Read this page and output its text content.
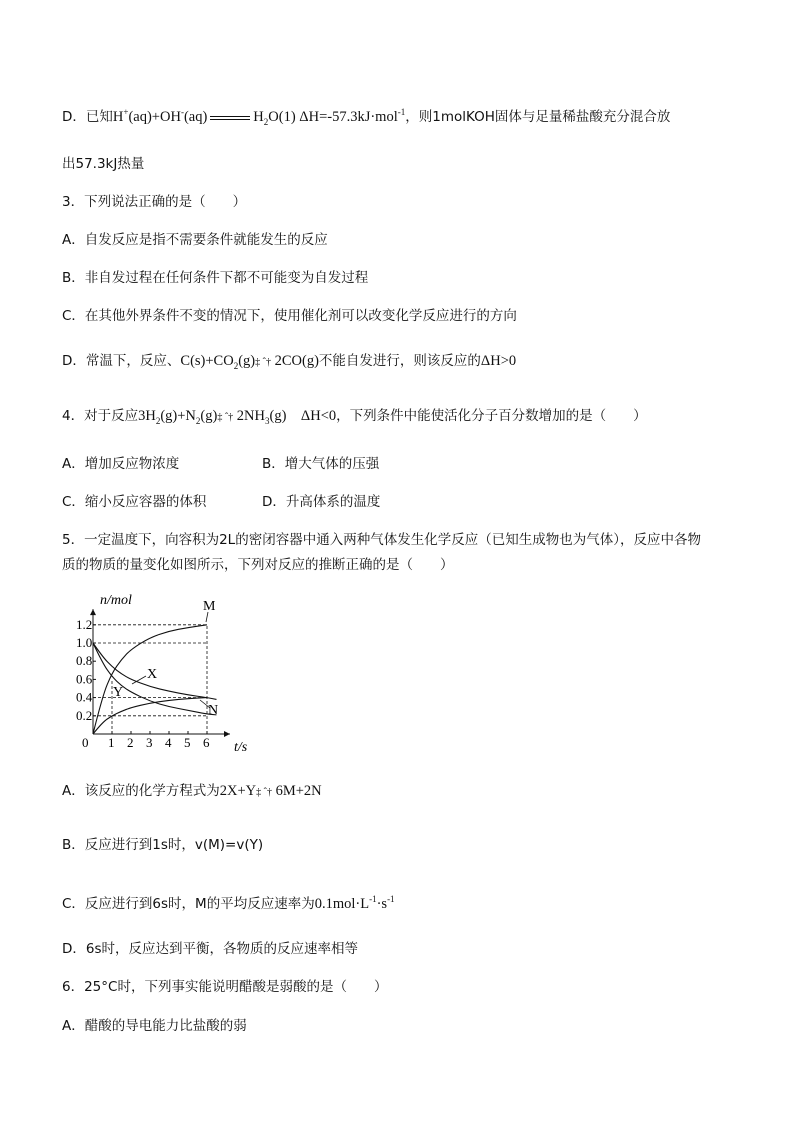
D．已知H+(aq)+OH-(aq)	$H_2O(1)$ ΔH=-57.3kJ·mol$^{-1}$，则1molKOH固体与足量稀盐酸充分混合放
出57.3kJ热量
3．下列说法正确的是（　　）
A．自发反应是指不需要条件就能发生的反应
B．非自发过程在任何条件下都不可能变为自发过程
C．在其他外界条件不变的情况下，使用催化剂可以改变化学反应进行的方向
D．常温下，反应、$C(s)+CO_2(g)\ddagger$ ˆ† 2CO(g)不能自发进行，则该反应的ΔH>0
4．对于反应$3H_2(g)+N_2(g)\ddagger$ ˆ† $2NH_3(g)$    ΔH<0，下列条件中能使活化分子百分数增加的是（　　）
A．增加反应物浓度	B．增大气体的压强
C．缩小反应容器的体积	D．升高体系的温度
5．一定温度下，向容积为2L的密闭容器中通入两种气体发生化学反应（已知生成物也为气体），反应中各物
质的物质的量变化如图所示，下列对反应的推断正确的是（　　）
0 1 2 3 4 5 6
0.2
0.4
0.6
0.8
1.0
1.2
n/mol
t/s
M
X
Y
N
A．该反应的化学方程式为2X+Y‡ ˆ† 6M+2N
B．反应进行到1s时，v(M)=v(Y)
C．反应进行到6s时，M的平均反应速率为$0.1mol\cdot L^{-1}\cdot s^{-1}$
D．6s时，反应达到平衡，各物质的反应速率相等
6．25°C时，下列事实能说明醋酸是弱酸的是（　　）
A．醋酸的导电能力比盐酸的弱
